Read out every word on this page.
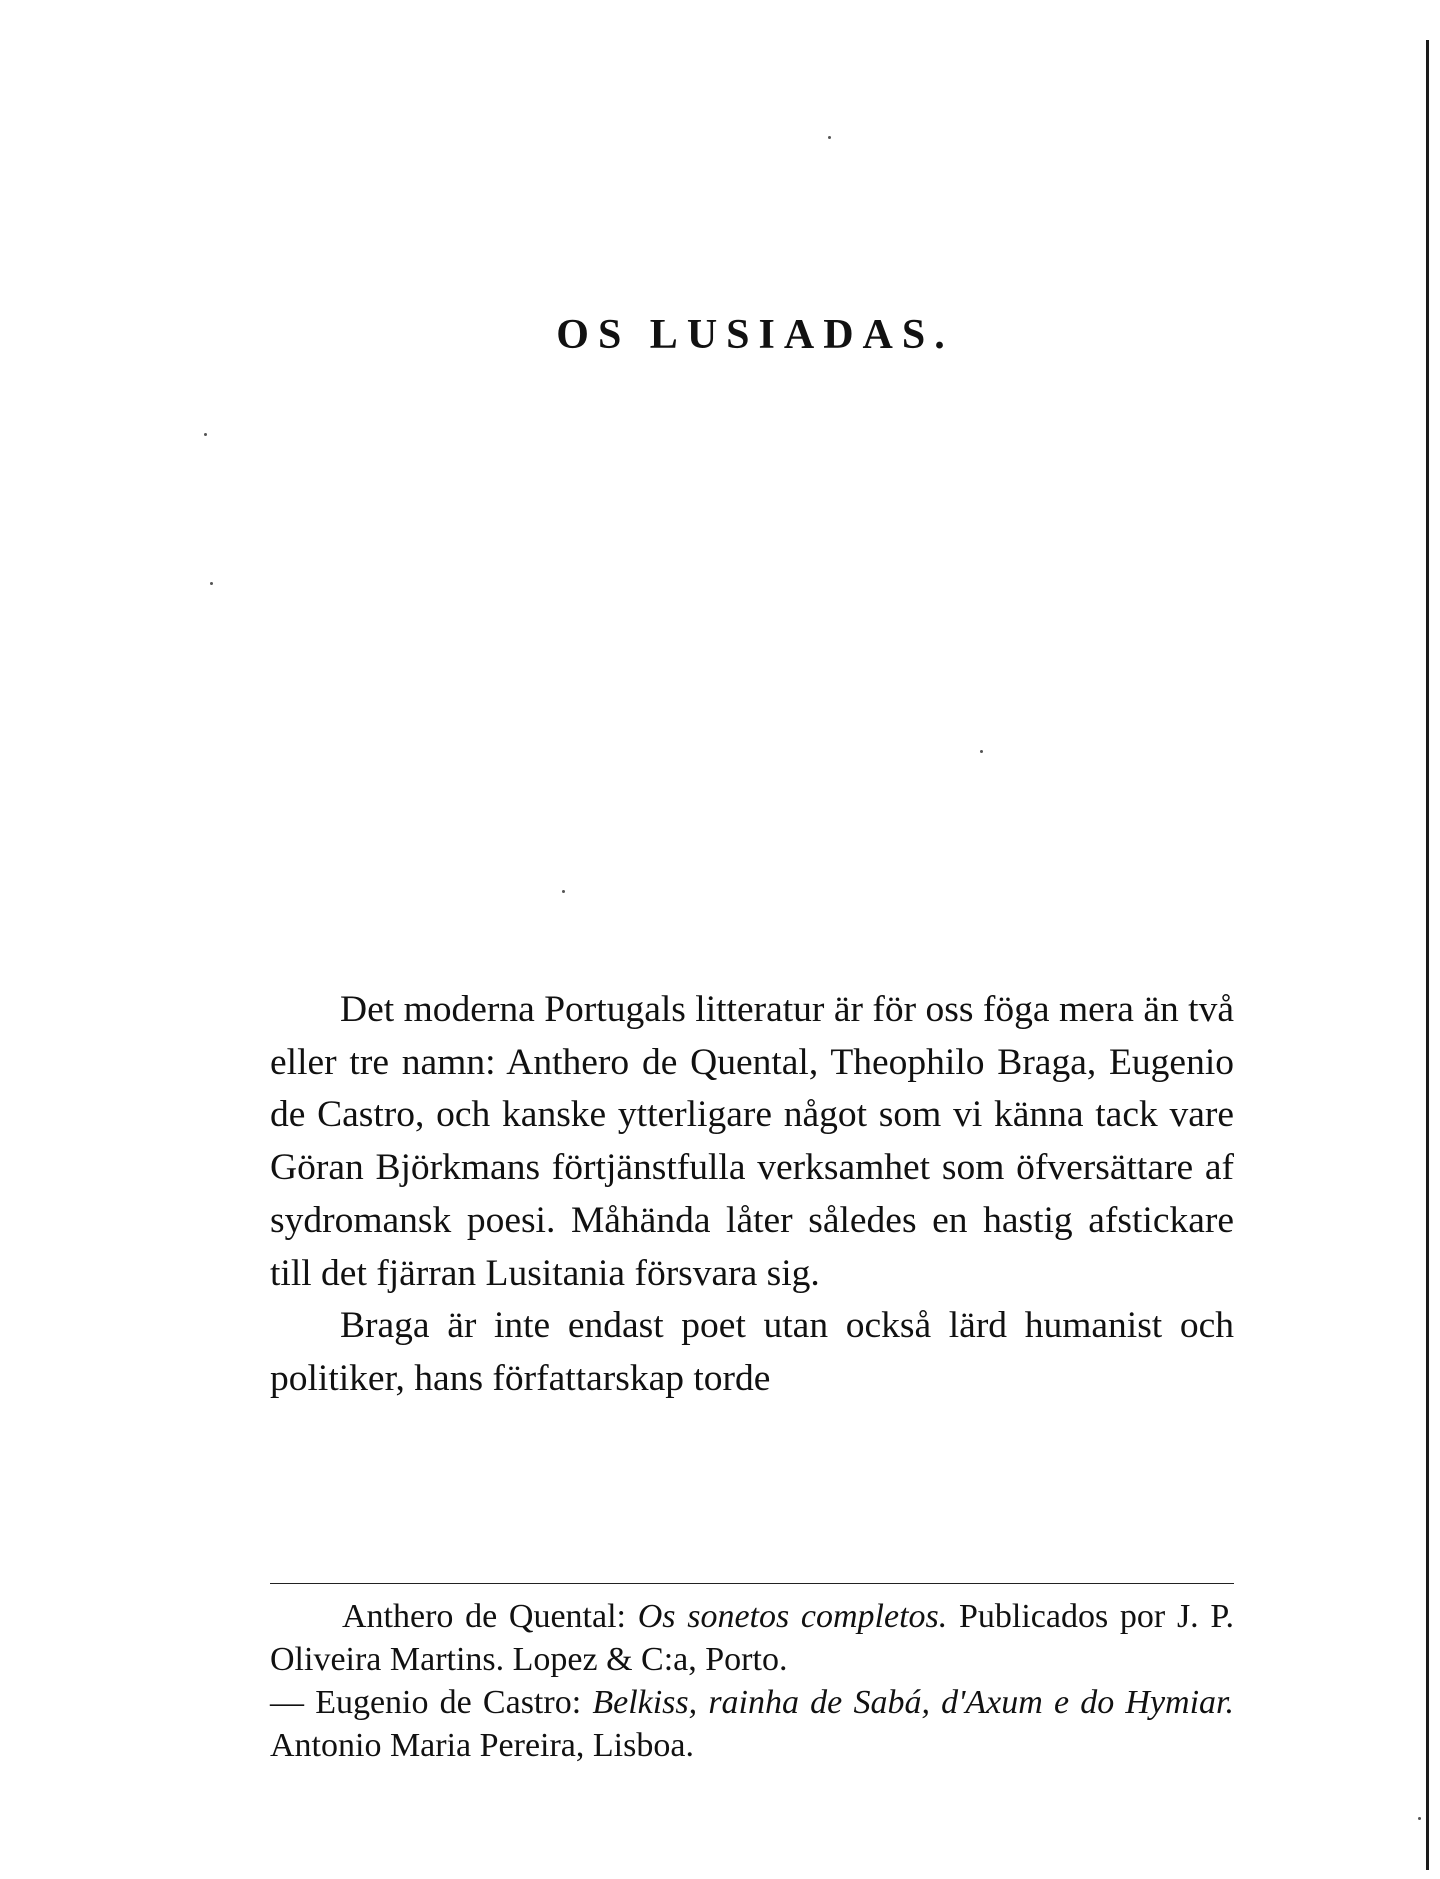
OS LUSIADAS.

Det moderna Portugals litteratur är för oss föga mera än två eller tre namn: Anthero de Quental, Theophilo Braga, Eugenio de Castro, och kanske ytterligare något som vi känna tack vare Göran Björkmans förtjänstfulla verksamhet som öfversättare af sydromansk poesi. Måhända låter således en hastig afstickare till det fjärran Lusitania försvara sig.

Braga är inte endast poet utan också lärd humanist och politiker, hans författarskap torde

Anthero de Quental: Os sonetos completos. Publicados por J. P. Oliveira Martins. Lopez & C:a, Porto.
— Eugenio de Castro: Belkiss, rainha de Sabá, d'Axum e do Hymiar. Antonio Maria Pereira, Lisboa.
